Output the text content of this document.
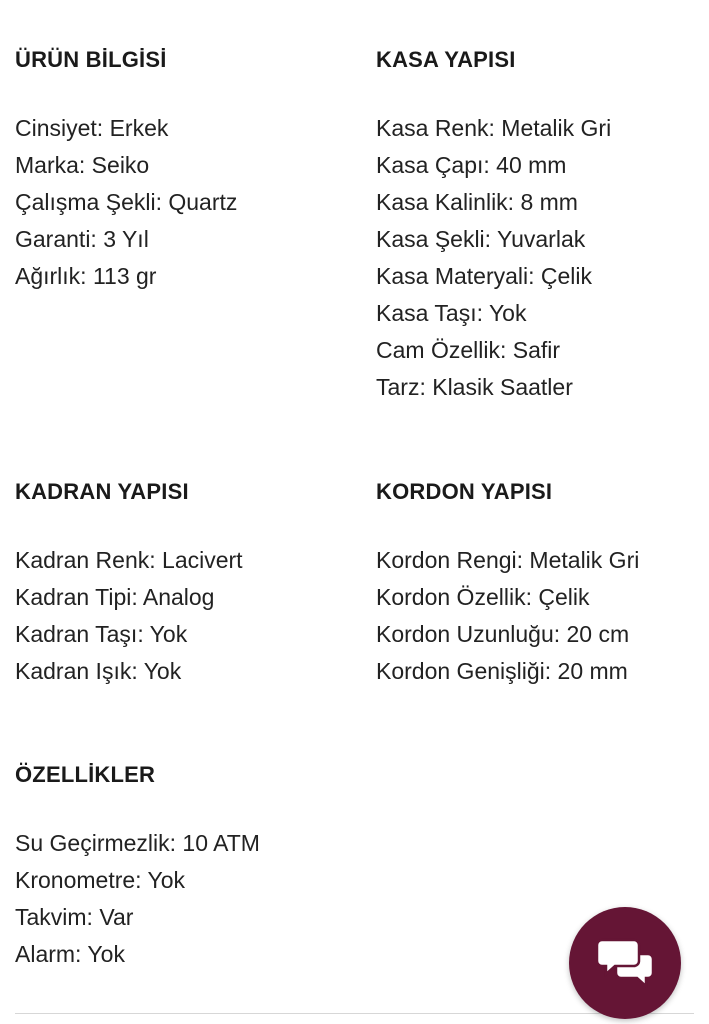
ÜRÜN BİLGİSİ
Cinsiyet: Erkek
Marka: Seiko
Çalışma Şekli: Quartz
Garanti: 3 Yıl
Ağırlık: 113 gr
KASA YAPISI
Kasa Renk: Metalik Gri
Kasa Çapı: 40 mm
Kasa Kalinlik: 8 mm
Kasa Şekli: Yuvarlak
Kasa Materyali: Çelik
Kasa Taşı: Yok
Cam Özellik: Safir
Tarz: Klasik Saatler
KADRAN YAPISI
Kadran Renk: Lacivert
Kadran Tipi: Analog
Kadran Taşı: Yok
Kadran Işık: Yok
KORDON YAPISI
Kordon Rengi: Metalik Gri
Kordon Özellik: Çelik
Kordon Uzunluğu: 20 cm
Kordon Genişliği: 20 mm
ÖZELLİKLER
Su Geçirmezlik: 10 ATM
Kronometre: Yok
Takvim: Var
Alarm: Yok
